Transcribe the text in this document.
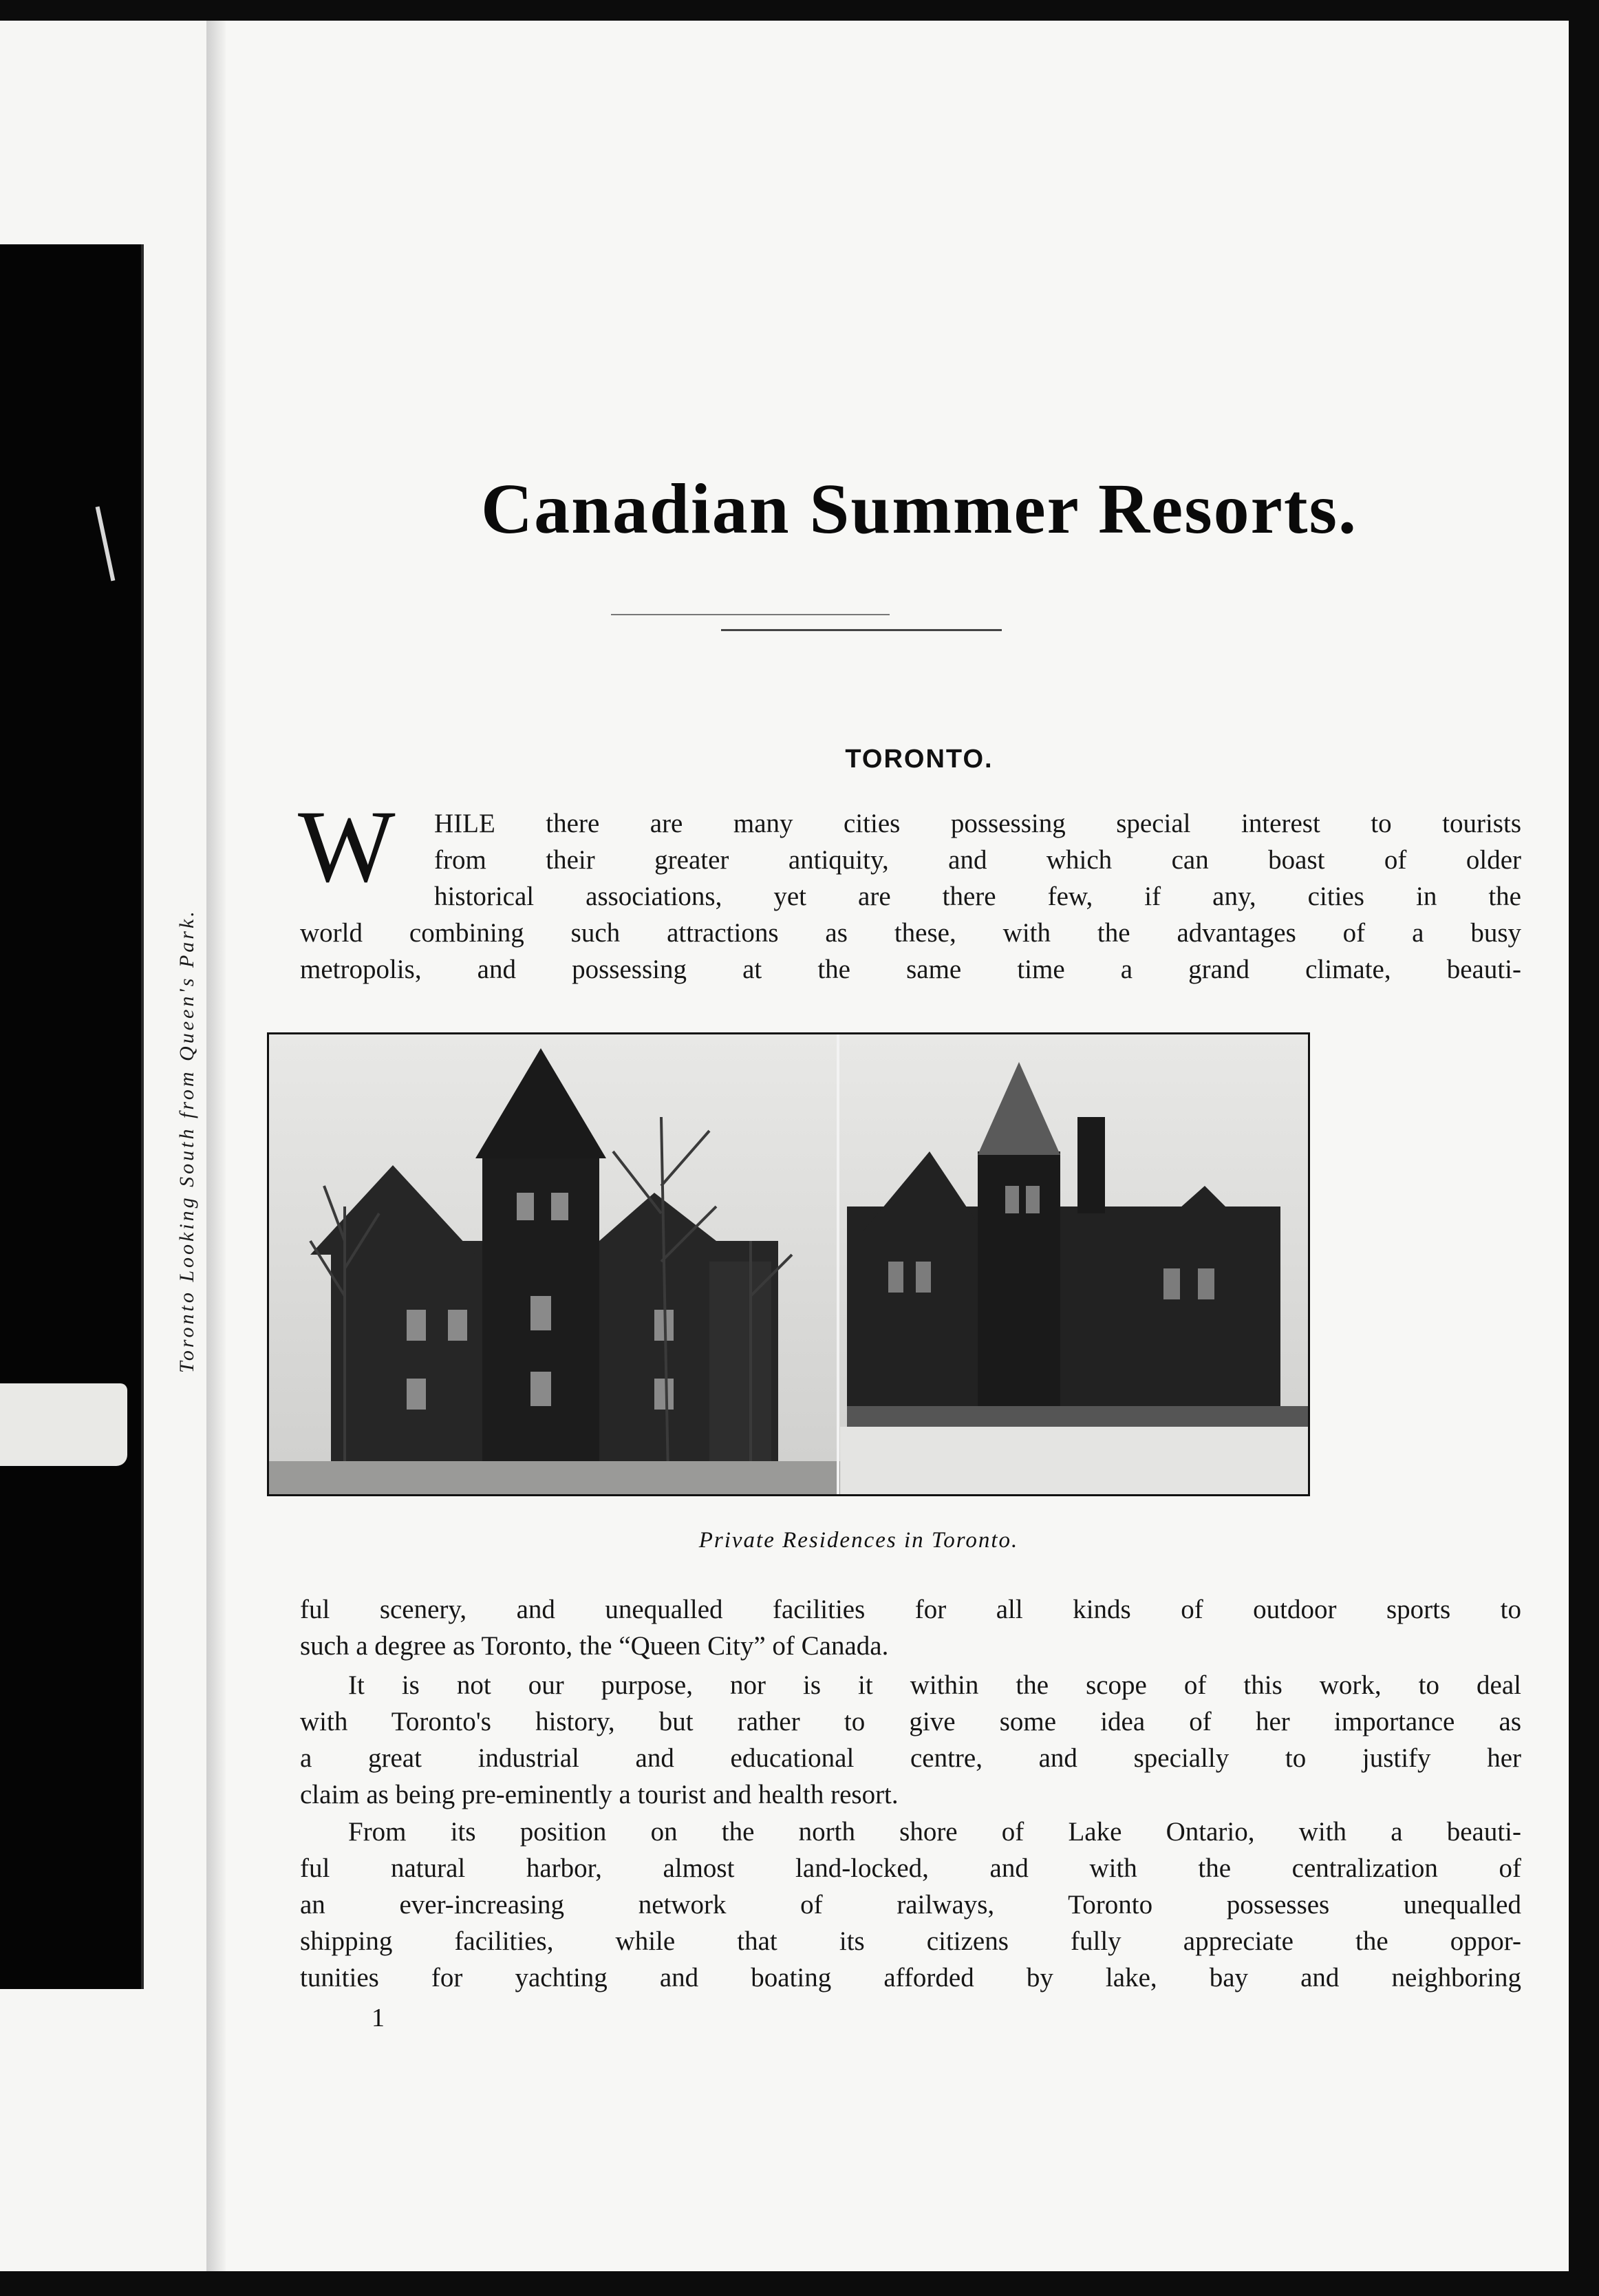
Toronto Looking South from Queen's Park.
Canadian Summer Resorts.
TORONTO.
W HILE there are many cities possessing special interest to tourists
from their greater antiquity, and which can boast of older
historical associations, yet are there few, if any, cities in the
world combining such attractions as these, with the advantages of a busy
metropolis, and possessing at the same time a grand climate, beauti-
Private Residences in Toronto.
ful scenery, and unequalled facilities for all kinds of outdoor sports to
such a degree as Toronto, the “Queen City” of Canada.
It is not our purpose, nor is it within the scope of this work, to deal
with Toronto's history, but rather to give some idea of her importance as
a great industrial and educational centre, and specially to justify her
claim as being pre-eminently a tourist and health resort.
From its position on the north shore of Lake Ontario, with a beauti-
ful natural harbor, almost land-locked, and with the centralization of
an ever-increasing network of railways, Toronto possesses unequalled
shipping facilities, while that its citizens fully appreciate the oppor-
tunities for yachting and boating afforded by lake, bay and neighboring
1
